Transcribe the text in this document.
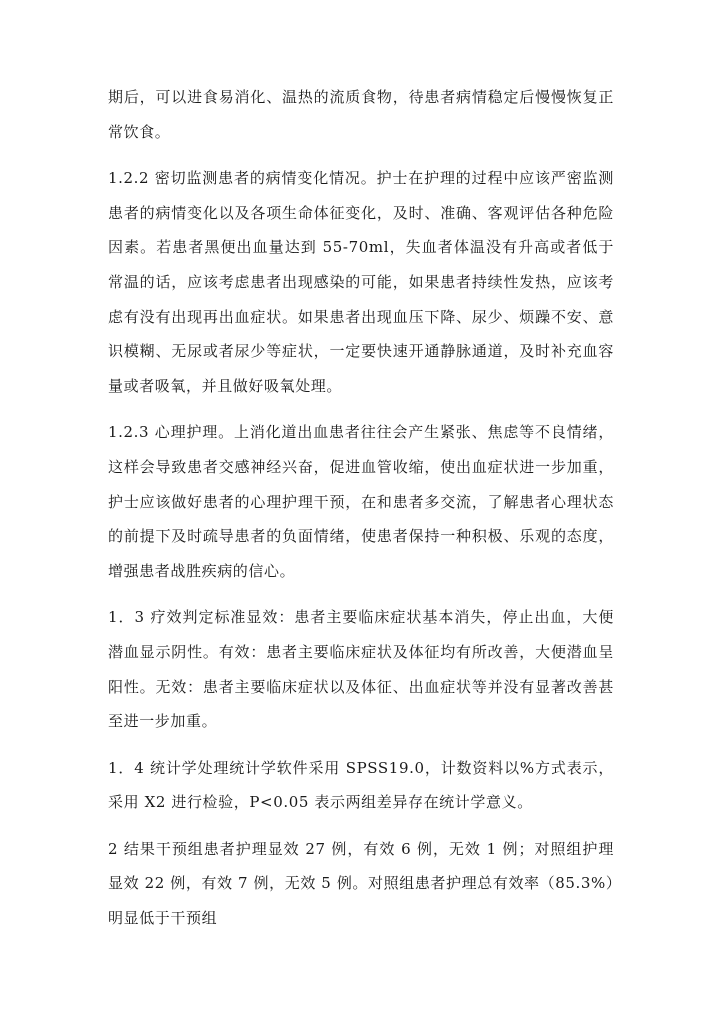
期后，可以进食易消化、温热的流质食物，待患者病情稳定后慢慢恢复正常饮食。

1.2.2 密切监测患者的病情变化情况。护士在护理的过程中应该严密监测患者的病情变化以及各项生命体征变化，及时、准确、客观评估各种危险因素。若患者黑便出血量达到 55-70ml，失血者体温没有升高或者低于常温的话，应该考虑患者出现感染的可能，如果患者持续性发热，应该考虑有没有出现再出血症状。如果患者出现血压下降、尿少、烦躁不安、意识模糊、无尿或者尿少等症状，一定要快速开通静脉通道，及时补充血容量或者吸氧，并且做好吸氧处理。

1.2.3 心理护理。上消化道出血患者往往会产生紧张、焦虑等不良情绪，这样会导致患者交感神经兴奋，促进血管收缩，使出血症状进一步加重，护士应该做好患者的心理护理干预，在和患者多交流，了解患者心理状态的前提下及时疏导患者的负面情绪，使患者保持一种积极、乐观的态度，增强患者战胜疾病的信心。

1．3 疗效判定标准显效：患者主要临床症状基本消失，停止出血，大便潜血显示阴性。有效：患者主要临床症状及体征均有所改善，大便潜血呈阳性。无效：患者主要临床症状以及体征、出血症状等并没有显著改善甚至进一步加重。

1．4 统计学处理统计学软件采用 SPSS19.0，计数资料以%方式表示，采用 X2 进行检验，P<0.05 表示两组差异存在统计学意义。

2 结果干预组患者护理显效 27 例，有效 6 例，无效 1 例；对照组护理显效 22 例，有效 7 例，无效 5 例。对照组患者护理总有效率（85.3%）明显低于干预组
